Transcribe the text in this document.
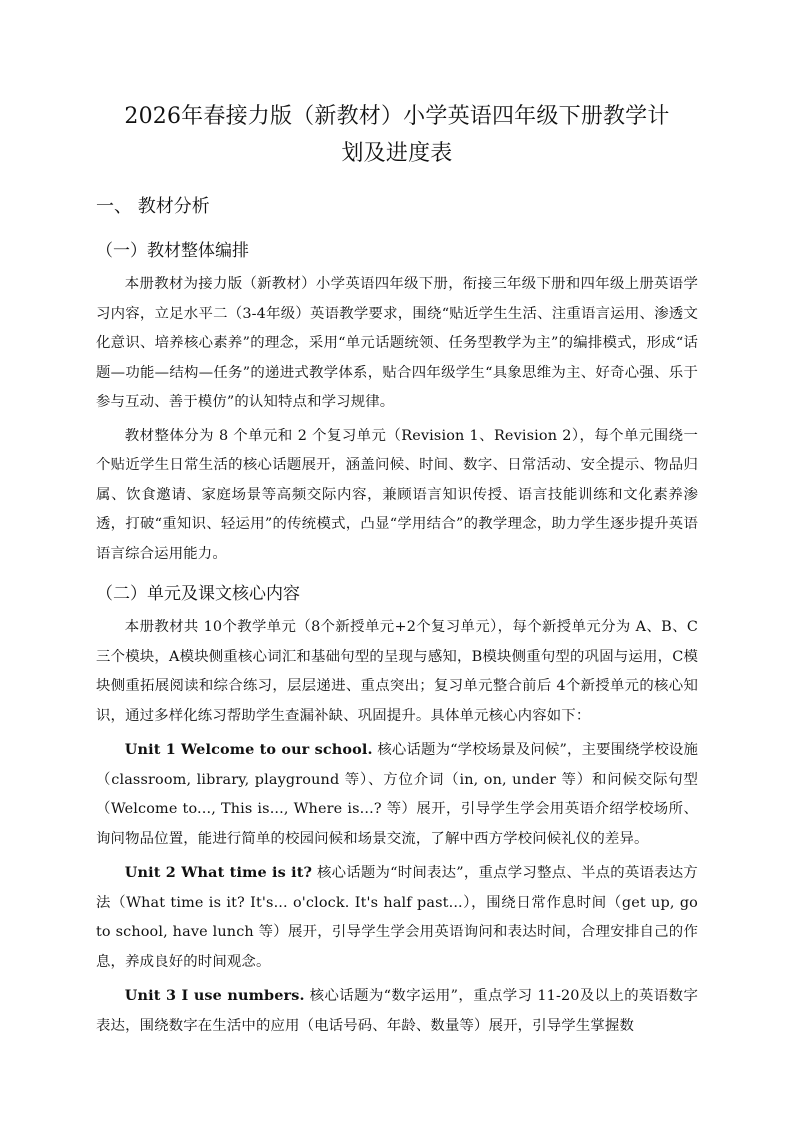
2026年春接力版（新教材）小学英语四年级下册教学计划及进度表
一、 教材分析
（一）教材整体编排

本册教材为接力版（新教材）小学英语四年级下册，衔接三年级下册和四年级上册英语学习内容，立足水平二（3-4年级）英语教学要求，围绕“贴近学生生活、注重语言运用、渗透文化意识、培养核心素养”的理念，采用“单元话题统领、任务型教学为主”的编排模式，形成“话题—功能—结构—任务”的递进式教学体系，贴合四年级学生“具象思维为主、好奇心强、乐于参与互动、善于模仿”的认知特点和学习规律。

教材整体分为 8 个单元和 2 个复习单元（Revision 1、Revision 2），每个单元围绕一个贴近学生日常生活的核心话题展开，涵盖问候、时间、数字、日常活动、安全提示、物品归属、饮食邀请、家庭场景等高频交际内容，兼顾语言知识传授、语言技能训练和文化素养渗透，打破“重知识、轻运用”的传统模式，凸显“学用结合”的教学理念，助力学生逐步提升英语语言综合运用能力。

（二）单元及课文核心内容

本册教材共 10个教学单元（8个新授单元+2个复习单元），每个新授单元分为 A、B、C三个模块，A模块侧重核心词汇和基础句型的呈现与感知，B模块侧重句型的巩固与运用，C模块侧重拓展阅读和综合练习，层层递进、重点突出；复习单元整合前后 4个新授单元的核心知识，通过多样化练习帮助学生查漏补缺、巩固提升。具体单元核心内容如下：

Unit 1 Welcome to our school. 核心话题为“学校场景及问候”，主要围绕学校设施（classroom, library, playground 等）、方位介词（in, on, under 等）和问候交际句型（Welcome to..., This is..., Where is...? 等）展开，引导学生学会用英语介绍学校场所、询问物品位置，能进行简单的校园问候和场景交流，了解中西方学校问候礼仪的差异。

Unit 2 What time is it? 核心话题为“时间表达”，重点学习整点、半点的英语表达方法（What time is it? It's... o'clock. It's half past...），围绕日常作息时间（get up, go to school, have lunch 等）展开，引导学生学会用英语询问和表达时间，合理安排自己的作息，养成良好的时间观念。

Unit 3 I use numbers. 核心话题为“数字运用”，重点学习 11-20及以上的英语数字表达，围绕数字在生活中的应用（电话号码、年龄、数量等）展开，引导学生掌握数
